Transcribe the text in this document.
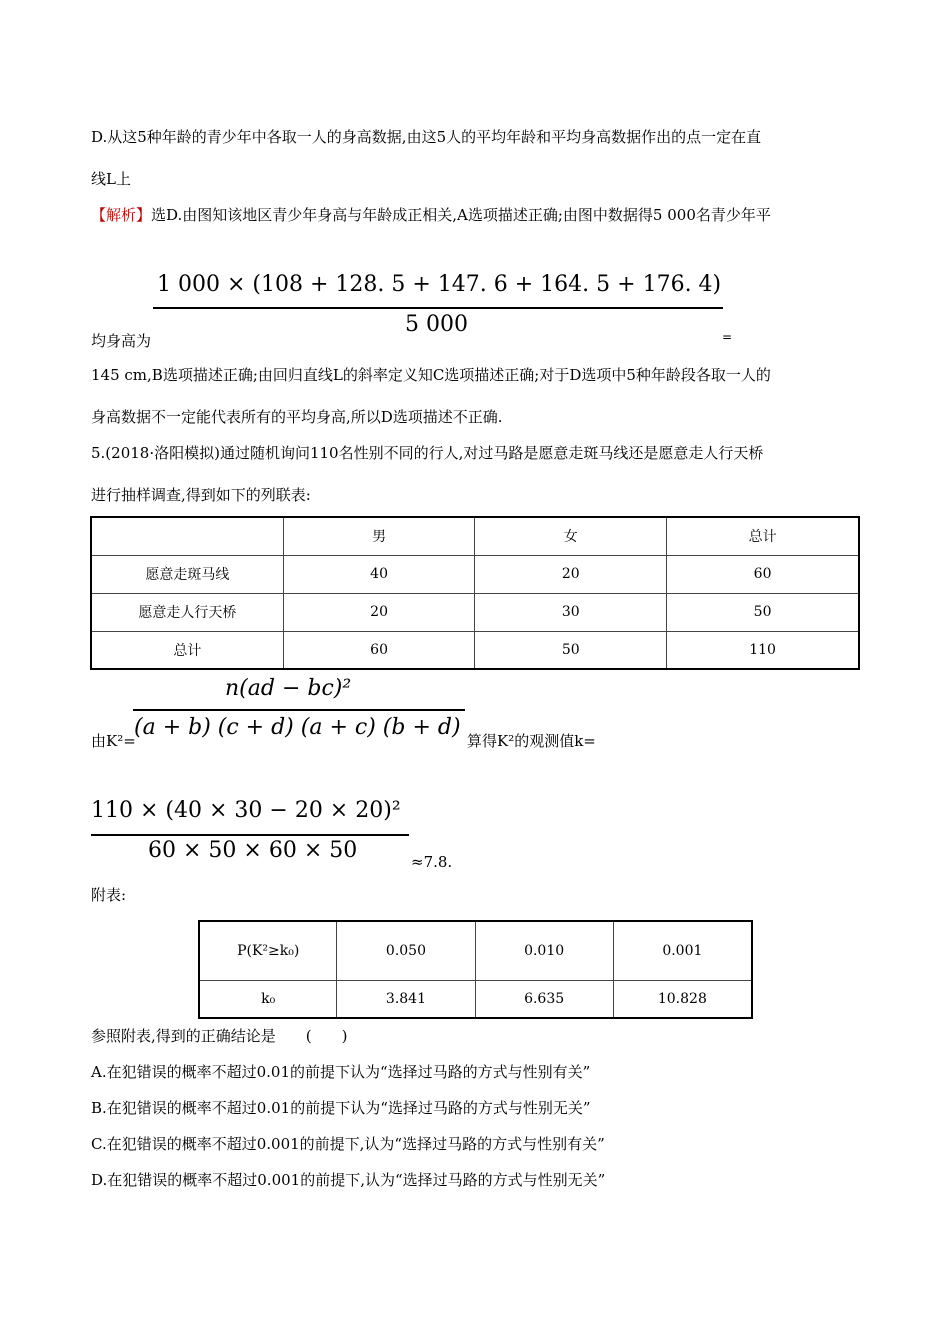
D.从这5种年龄的青少年中各取一人的身高数据,由这5人的平均年龄和平均身高数据作出的点一定在直
线L上
【解析】选D.由图知该地区青少年身高与年龄成正相关,A选项描述正确;由图中数据得5 000名青少年平
1 000 × (108 + 128. 5 + 147. 6 + 164. 5 + 176. 4)
5 000
均身高为	=
145 cm,B选项描述正确;由回归直线L的斜率定义知C选项描述正确;对于D选项中5种年龄段各取一人的
身高数据不一定能代表所有的平均身高,所以D选项描述不正确.
5.(2018·洛阳模拟)通过随机询问110名性别不同的行人,对过马路是愿意走斑马线还是愿意走人行天桥
进行抽样调查,得到如下的列联表:
	男	女	总计
愿意走斑马线	40	20	60
愿意走人行天桥	20	30	50
总计	60	50	110
n(ad − bc)²
(a + b) (c + d) (a + c) (b + d)
由K²=	算得K²的观测值k=
110 × (40 × 30 − 20 × 20)²
60 × 50 × 60 × 50	≈7.8.
附表:
P(K²≥k₀)	0.050	0.010	0.001
k₀	3.841	6.635	10.828
参照附表,得到的正确结论是　　(　　)
A.在犯错误的概率不超过0.01的前提下认为“选择过马路的方式与性别有关”
B.在犯错误的概率不超过0.01的前提下认为“选择过马路的方式与性别无关”
C.在犯错误的概率不超过0.001的前提下,认为“选择过马路的方式与性别有关”
D.在犯错误的概率不超过0.001的前提下,认为“选择过马路的方式与性别无关”
